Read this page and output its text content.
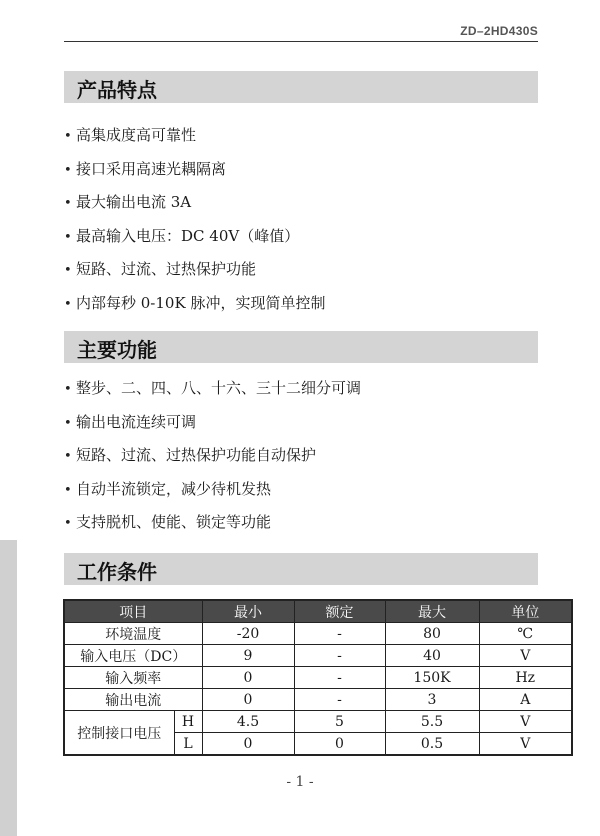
ZD–2HD430S
产品特点
• 高集成度高可靠性
• 接口采用高速光耦隔离
• 最大输出电流 3A
• 最高输入电压：DC 40V（峰值）
• 短路、过流、过热保护功能
• 内部每秒 0-10K 脉冲，实现简单控制
主要功能
• 整步、二、四、八、十六、三十二细分可调
• 输出电流连续可调
• 短路、过流、过热保护功能自动保护
• 自动半流锁定，减少待机发热
• 支持脱机、使能、锁定等功能
工作条件
项目		最小	额定	最大	单位
环境温度		-20	-	80	℃
输入电压（DC）		9	-	40	V
输入频率		0	-	150K	Hz
输出电流		0	-	3	A
控制接口电压	H	4.5	5	5.5	V
	L	0	0	0.5	V
- 1 -
